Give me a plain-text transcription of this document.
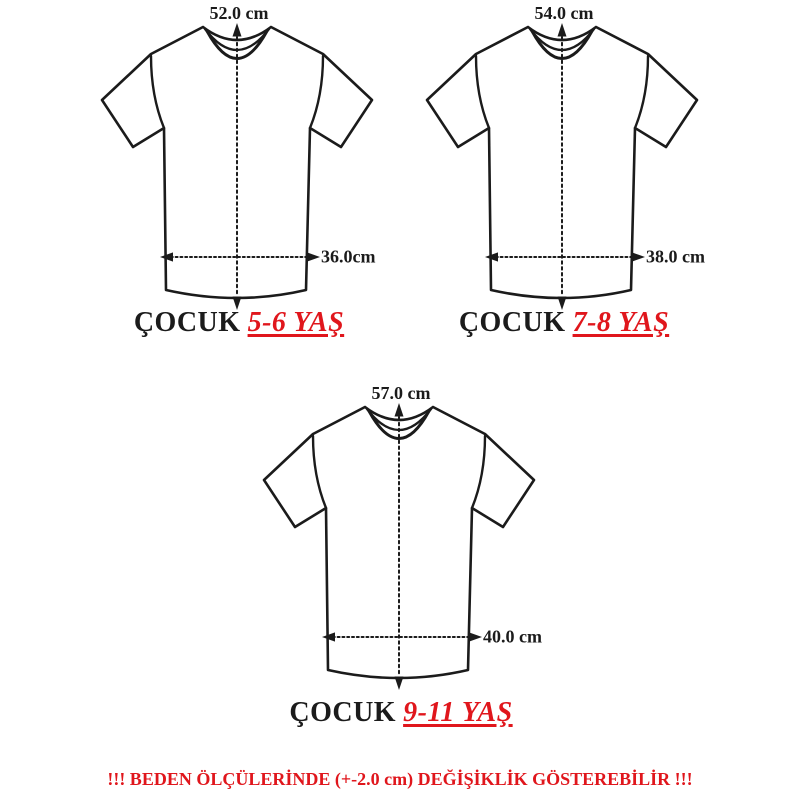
52.0 cm
36.0cm
ÇOCUK 5-6 YAŞ
54.0 cm
38.0 cm
ÇOCUK 7-8 YAŞ
57.0 cm
40.0 cm
ÇOCUK 9-11 YAŞ
!!! BEDEN ÖLÇÜLERİNDE (+-2.0 cm) DEĞİŞİKLİK GÖSTEREBİLİR !!!
